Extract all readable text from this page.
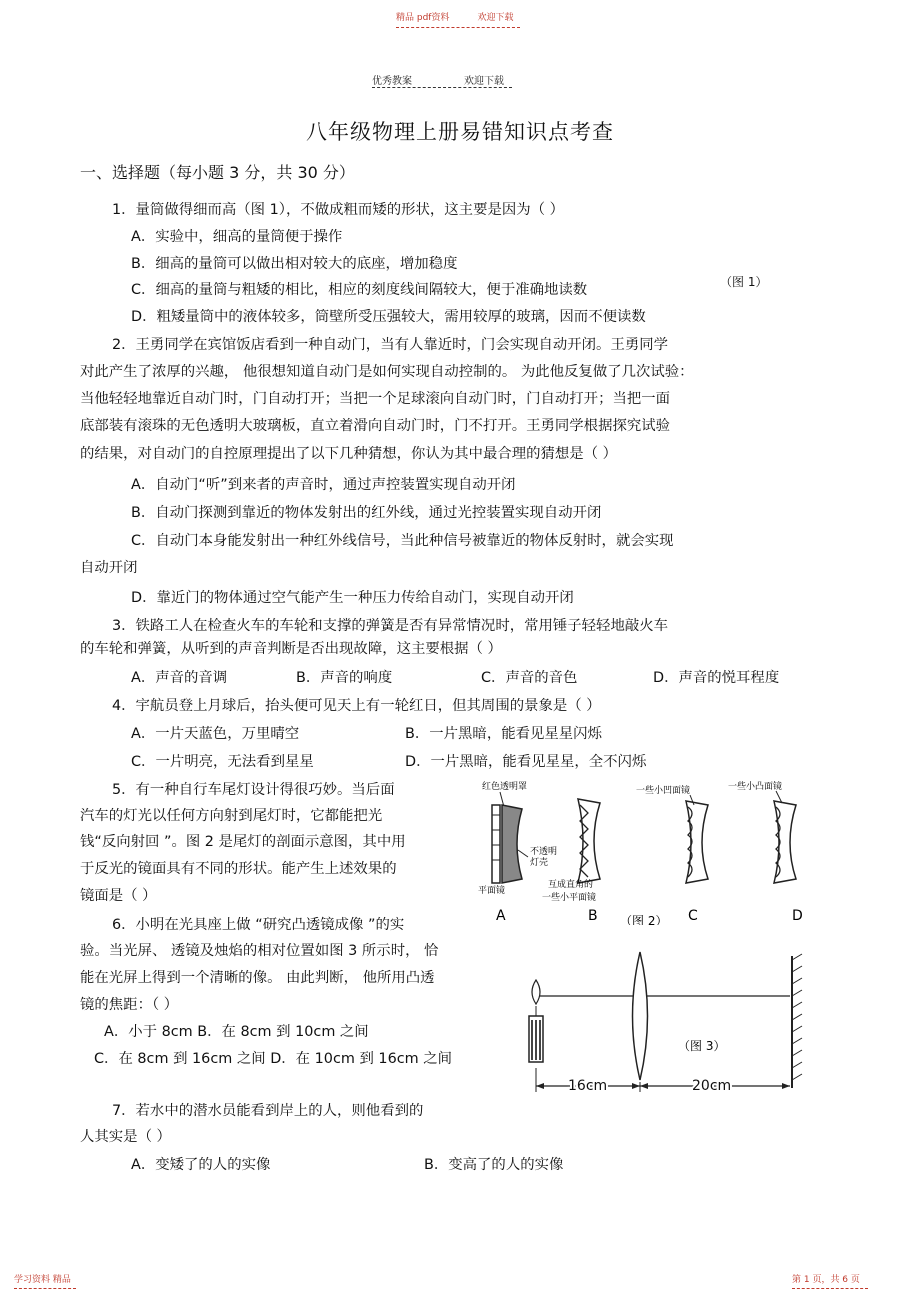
精品 pdf资料	欢迎下载
优秀教案	欢迎下载
八年级物理上册易错知识点考查
一、选择题（每小题 3 分，共 30 分）
1．量筒做得细而高（图 1），不做成粗而矮的形状，这主要是因为（ ）
A．实验中，细高的量筒便于操作
B．细高的量筒可以做出相对较大的底座，增加稳度
C．细高的量筒与粗矮的相比，相应的刻度线间隔较大，便于准确地读数	（图 1）
D．粗矮量筒中的液体较多，筒壁所受压强较大，需用较厚的玻璃，因而不便读数
2．王勇同学在宾馆饭店看到一种自动门，当有人靠近时，门会实现自动开闭。王勇同学
对此产生了浓厚的兴趣， 他很想知道自动门是如何实现自动控制的。 为此他反复做了几次试验：
当他轻轻地靠近自动门时，门自动打开；当把一个足球滚向自动门时，门自动打开；当把一面
底部装有滚珠的无色透明大玻璃板，直立着滑向自动门时，门不打开。王勇同学根据探究试验
的结果，对自动门的自控原理提出了以下几种猜想，你认为其中最合理的猜想是（ ）
A．自动门“听”到来者的声音时，通过声控装置实现自动开闭
B．自动门探测到靠近的物体发射出的红外线，通过光控装置实现自动开闭
C．自动门本身能发射出一种红外线信号，当此种信号被靠近的物体反射时，就会实现
自动开闭
D．靠近门的物体通过空气能产生一种压力传给自动门，实现自动开闭
3．铁路工人在检查火车的车轮和支撑的弹簧是否有异常情况时，常用锤子轻轻地敲火车
的车轮和弹簧，从听到的声音判断是否出现故障，这主要根据（ ）
A．声音的音调	B．声音的响度	C．声音的音色	D．声音的悦耳程度
4．宇航员登上月球后，抬头便可见天上有一轮红日，但其周围的景象是（ ）
A．一片天蓝色，万里晴空	B．一片黑暗，能看见星星闪烁
C．一片明亮，无法看到星星	D．一片黑暗，能看见星星，全不闪烁
5．有一种自行车尾灯设计得很巧妙。当后面
汽车的灯光以任何方向射到尾灯时，它都能把光
钱“反向射回 ”。图 2 是尾灯的剖面示意图，其中用
于反光的镜面具有不同的形状。能产生上述效果的
镜面是（ ）
红色透明罩
不透明
灯壳
平面镜
互成直角的
一些小平面镜
一些小凹面镜	一些小凸面镜
A	B （图 2） C	D
6．小明在光具座上做 “研究凸透镜成像 ”的实
验。当光屏、 透镜及烛焰的相对位置如图 3 所示时， 恰
能在光屏上得到一个清晰的像。 由此判断， 他所用凸透
镜的焦距：（ ）
A．小于 8cm B．在 8cm 到 10cm 之间
C．在 8cm 到 16cm 之间 D．在 10cm 到 16cm 之间
16cm	20cm
（图 3）
7．若水中的潜水员能看到岸上的人，则他看到的
人其实是（ ）
A．变矮了的人的实像	B．变高了的人的实像
学习资料 精品	第 1 页，共 6 页
